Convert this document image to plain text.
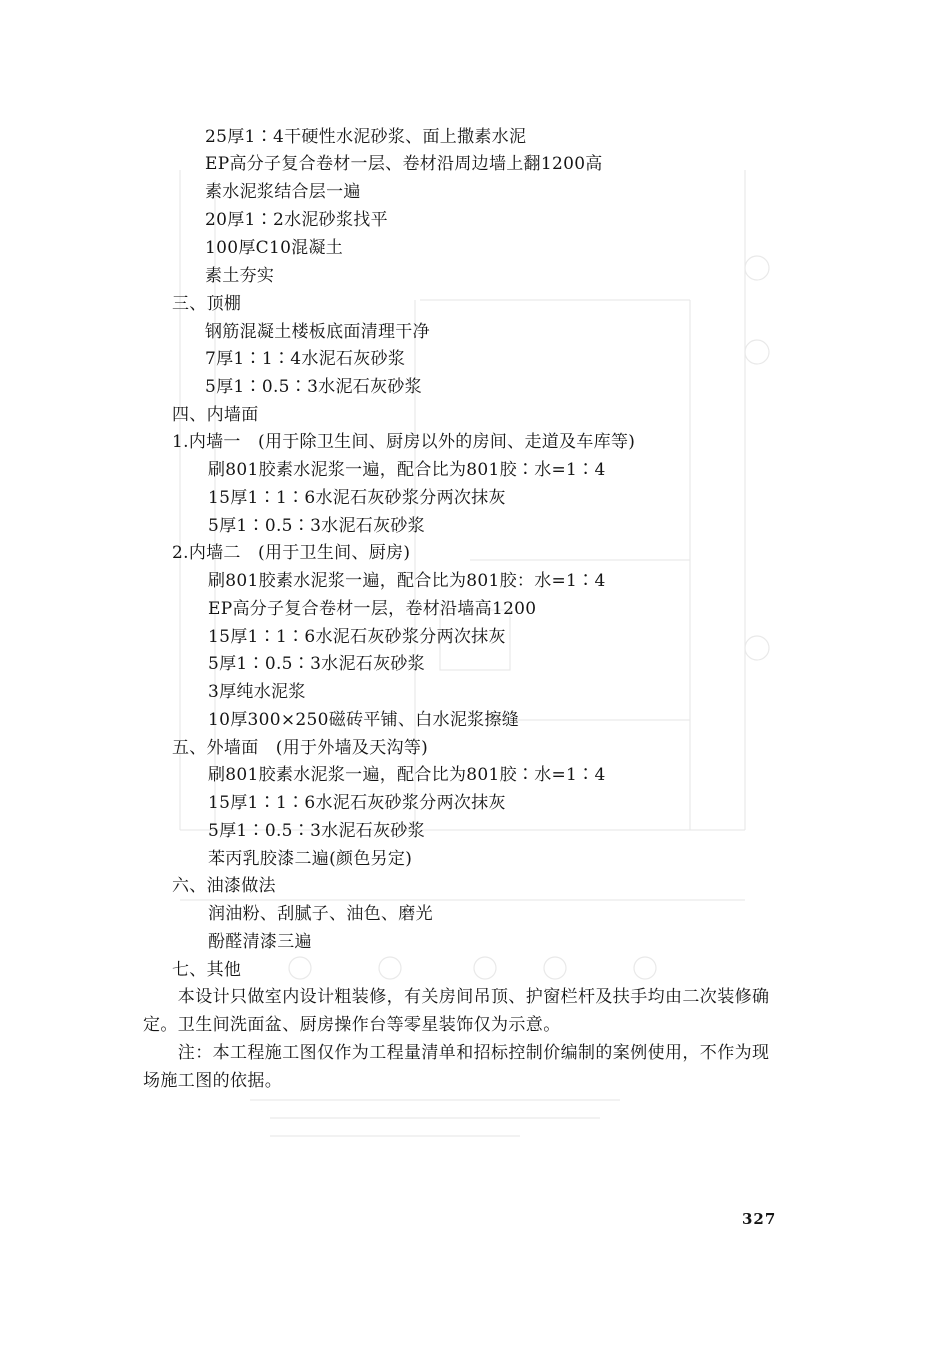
25厚1∶4干硬性水泥砂浆、面上撒素水泥
EP高分子复合卷材一层、卷材沿周边墙上翻1200高
素水泥浆结合层一遍
20厚1∶2水泥砂浆找平
100厚C10混凝土
素土夯实
三、顶棚
钢筋混凝土楼板底面清理干净
7厚1∶1∶4水泥石灰砂浆
5厚1∶0.5∶3水泥石灰砂浆
四、内墙面
1.内墙一　(用于除卫生间、厨房以外的房间、走道及车库等)
刷801胶素水泥浆一遍，配合比为801胶∶水=1∶4
15厚1∶1∶6水泥石灰砂浆分两次抹灰
5厚1∶0.5∶3水泥石灰砂浆
2.内墙二　(用于卫生间、厨房)
刷801胶素水泥浆一遍，配合比为801胶：水=1∶4
EP高分子复合卷材一层，卷材沿墙高1200
15厚1∶1∶6水泥石灰砂浆分两次抹灰
5厚1∶0.5∶3水泥石灰砂浆
3厚纯水泥浆
10厚300×250磁砖平铺、白水泥浆擦缝
五、外墙面　(用于外墙及天沟等)
刷801胶素水泥浆一遍，配合比为801胶∶水=1∶4
15厚1∶1∶6水泥石灰砂浆分两次抹灰
5厚1∶0.5∶3水泥石灰砂浆
苯丙乳胶漆二遍(颜色另定)
六、油漆做法
润油粉、刮腻子、油色、磨光
酚醛清漆三遍
七、其他
　　本设计只做室内设计粗装修，有关房间吊顶、护窗栏杆及扶手均由二次装修确定。卫生间洗面盆、厨房操作台等零星装饰仅为示意。
　　注：本工程施工图仅作为工程量清单和招标控制价编制的案例使用，不作为现场施工图的依据。
327
